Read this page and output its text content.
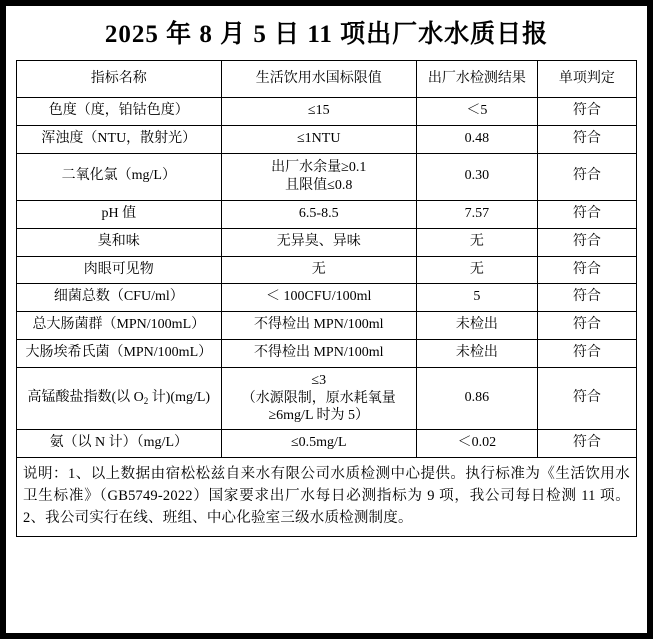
2025 年 8 月 5 日 11 项出厂水水质日报
指标名称	生活饮用水国标限值	出厂水检测结果	单项判定
色度（度，铂钴色度）	≤15	＜5	符合
浑浊度（NTU，散射光）	≤1NTU	0.48	符合
二氧化氯（mg/L）	出厂水余量≥0.1
且限值≤0.8	0.30	符合
pH 值	6.5-8.5	7.57	符合
臭和味	无异臭、异味	无	符合
肉眼可见物	无	无	符合
细菌总数（CFU/ml）	＜ 100CFU/100ml	5	符合
总大肠菌群（MPN/100mL）	不得检出 MPN/100ml	未检出	符合
大肠埃希氏菌（MPN/100mL）	不得检出 MPN/100ml	未检出	符合
高锰酸盐指数(以 $O_2$ 计)(mg/L)	≤3
（水源限制，原水耗氧量
≥6mg/L 时为 5）	0.86	符合
氨（以 N 计）（mg/L）	≤0.5mg/L	＜0.02	符合

说明：1、以上数据由宿松松兹自来水有限公司水质检测中心提供。执行标准为《生活饮用水卫生标准》（GB5749-2022）国家要求出厂水每日必测指标为 9 项，我公司每日检测 11 项。2、我公司实行在线、班组、中心化验室三级水质检测制度。
